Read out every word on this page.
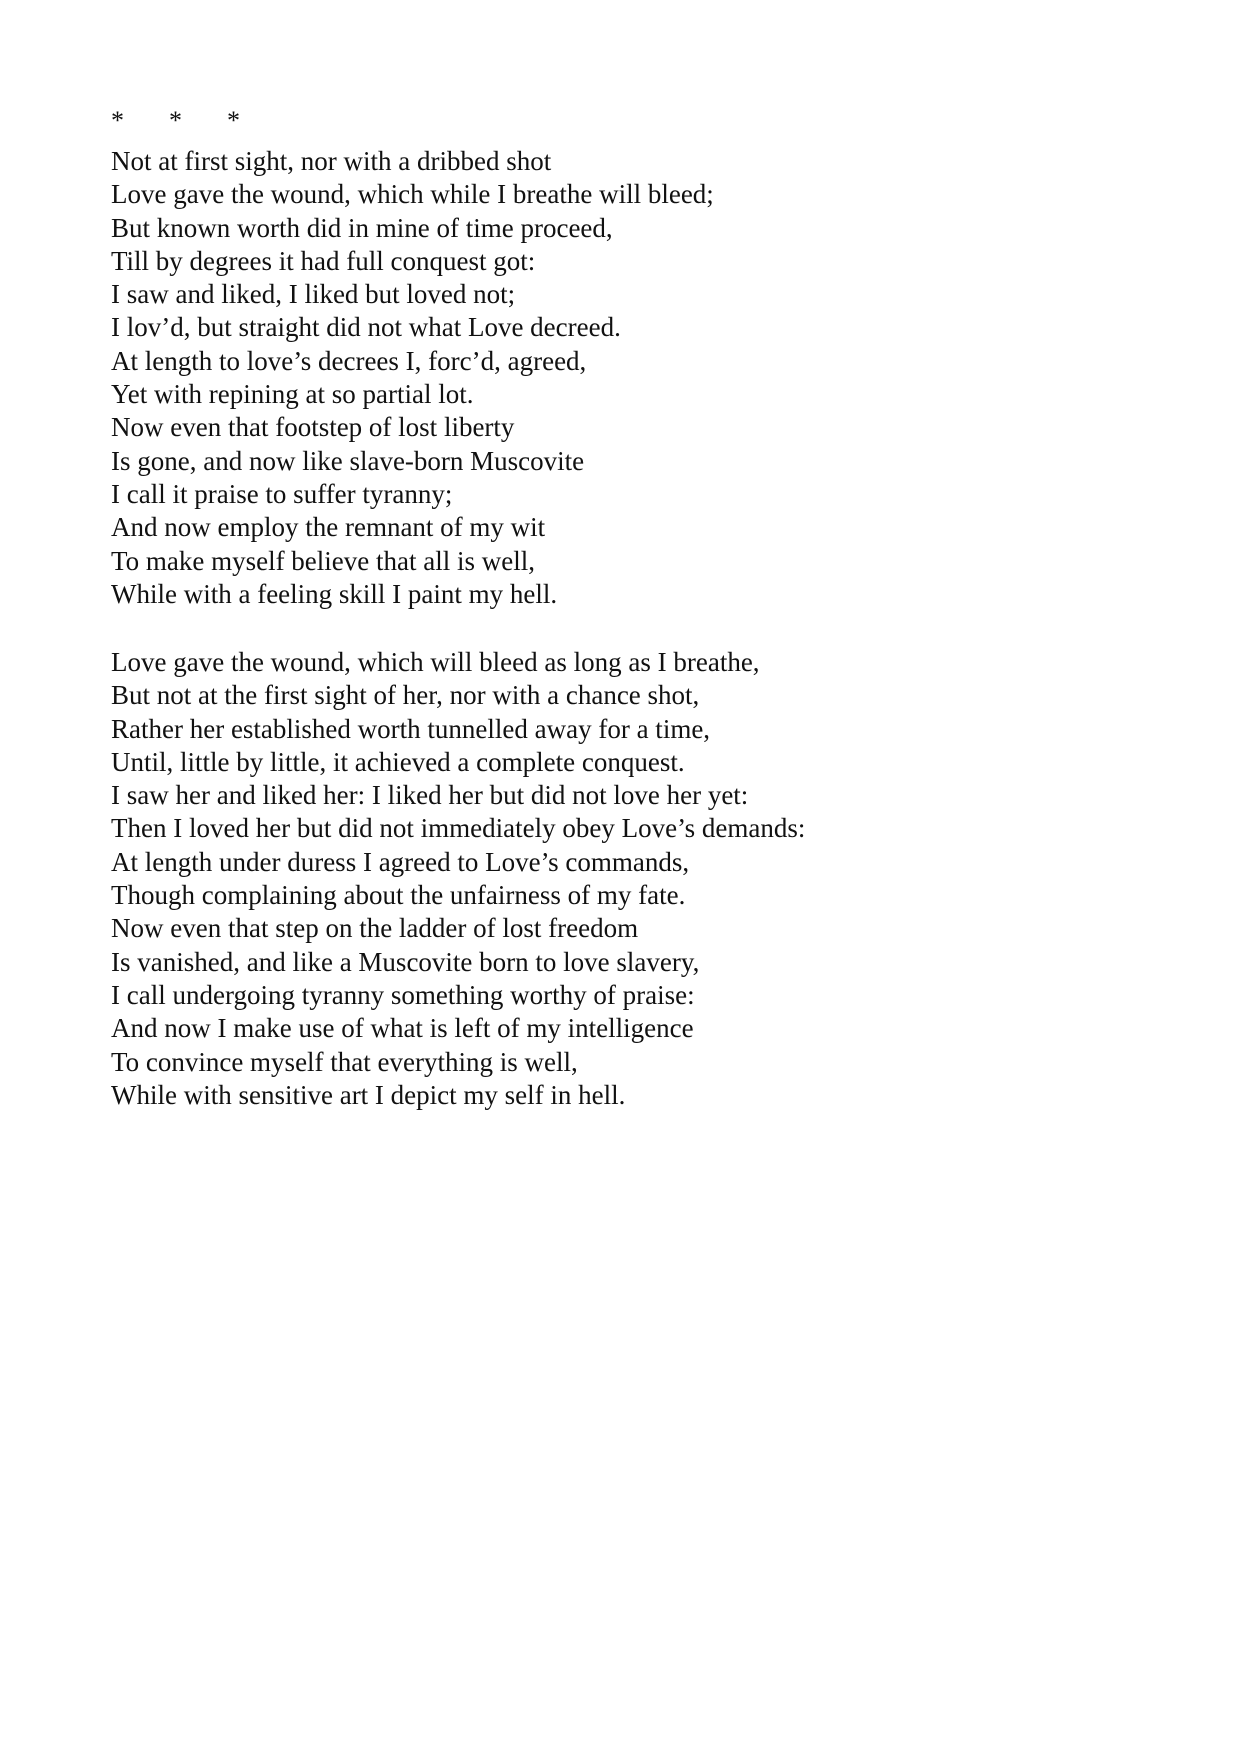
*  *  *
Not at first sight, nor with a dribbed shot
Love gave the wound, which while I breathe will bleed;
But known worth did in mine of time proceed,
Till by degrees it had full conquest got:
I saw and liked, I liked but loved not;
I lov’d, but straight did not what Love decreed.
At length to love’s decrees I, forc’d, agreed,
Yet with repining at so partial lot.
Now even that footstep of lost liberty
Is gone, and now like slave-born Muscovite
I call it praise to suffer tyranny;
And now employ the remnant of my wit
To make myself believe that all is well,
While with a feeling skill I paint my hell.
Love gave the wound, which will bleed as long as I breathe,
But not at the first sight of her, nor with a chance shot,
Rather her established worth tunnelled away for a time,
Until, little by little, it achieved a complete conquest.
I saw her and liked her: I liked her but did not love her yet:
Then I loved her but did not immediately obey Love’s demands:
At length under duress I agreed to Love’s commands,
Though complaining about the unfairness of my fate.
Now even that step on the ladder of lost freedom
Is vanished, and like a Muscovite born to love slavery,
I call undergoing tyranny something worthy of praise:
And now I make use of what is left of my intelligence
To convince myself that everything is well,
While with sensitive art I depict my self in hell.
